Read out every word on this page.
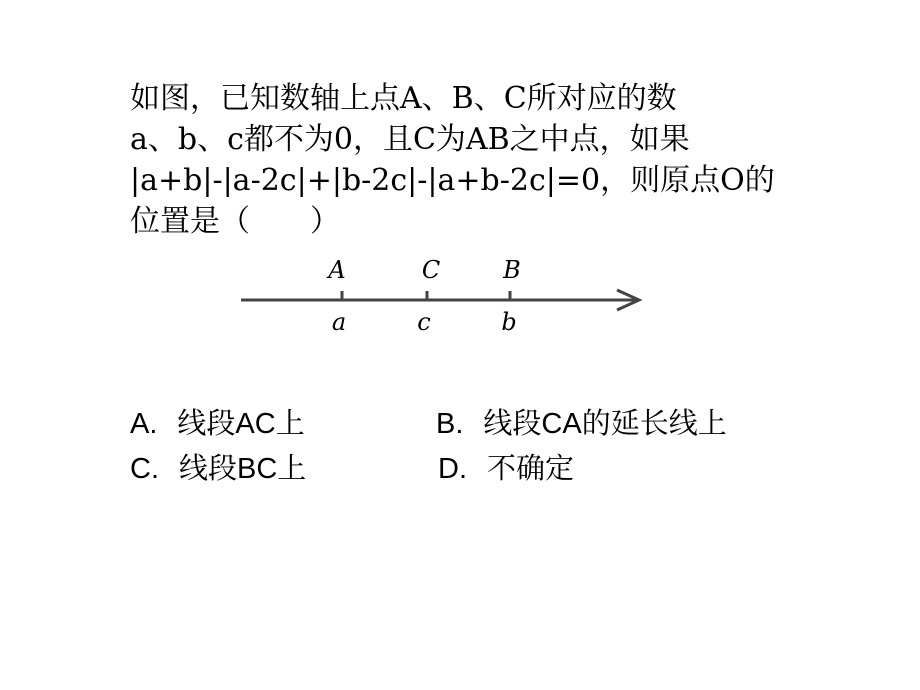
如图，已知数轴上点A、B、C所对应的数
a、b、c都不为0，且C为AB之中点，如果
|a+b|-|a-2c|+|b-2c|-|a+b-2c|=0，则原点O的
位置是（　　）
A	C	B
a	c	b
A. 线段AC上	B. 线段CA的延长线上
C. 线段BC上	D. 不确定
